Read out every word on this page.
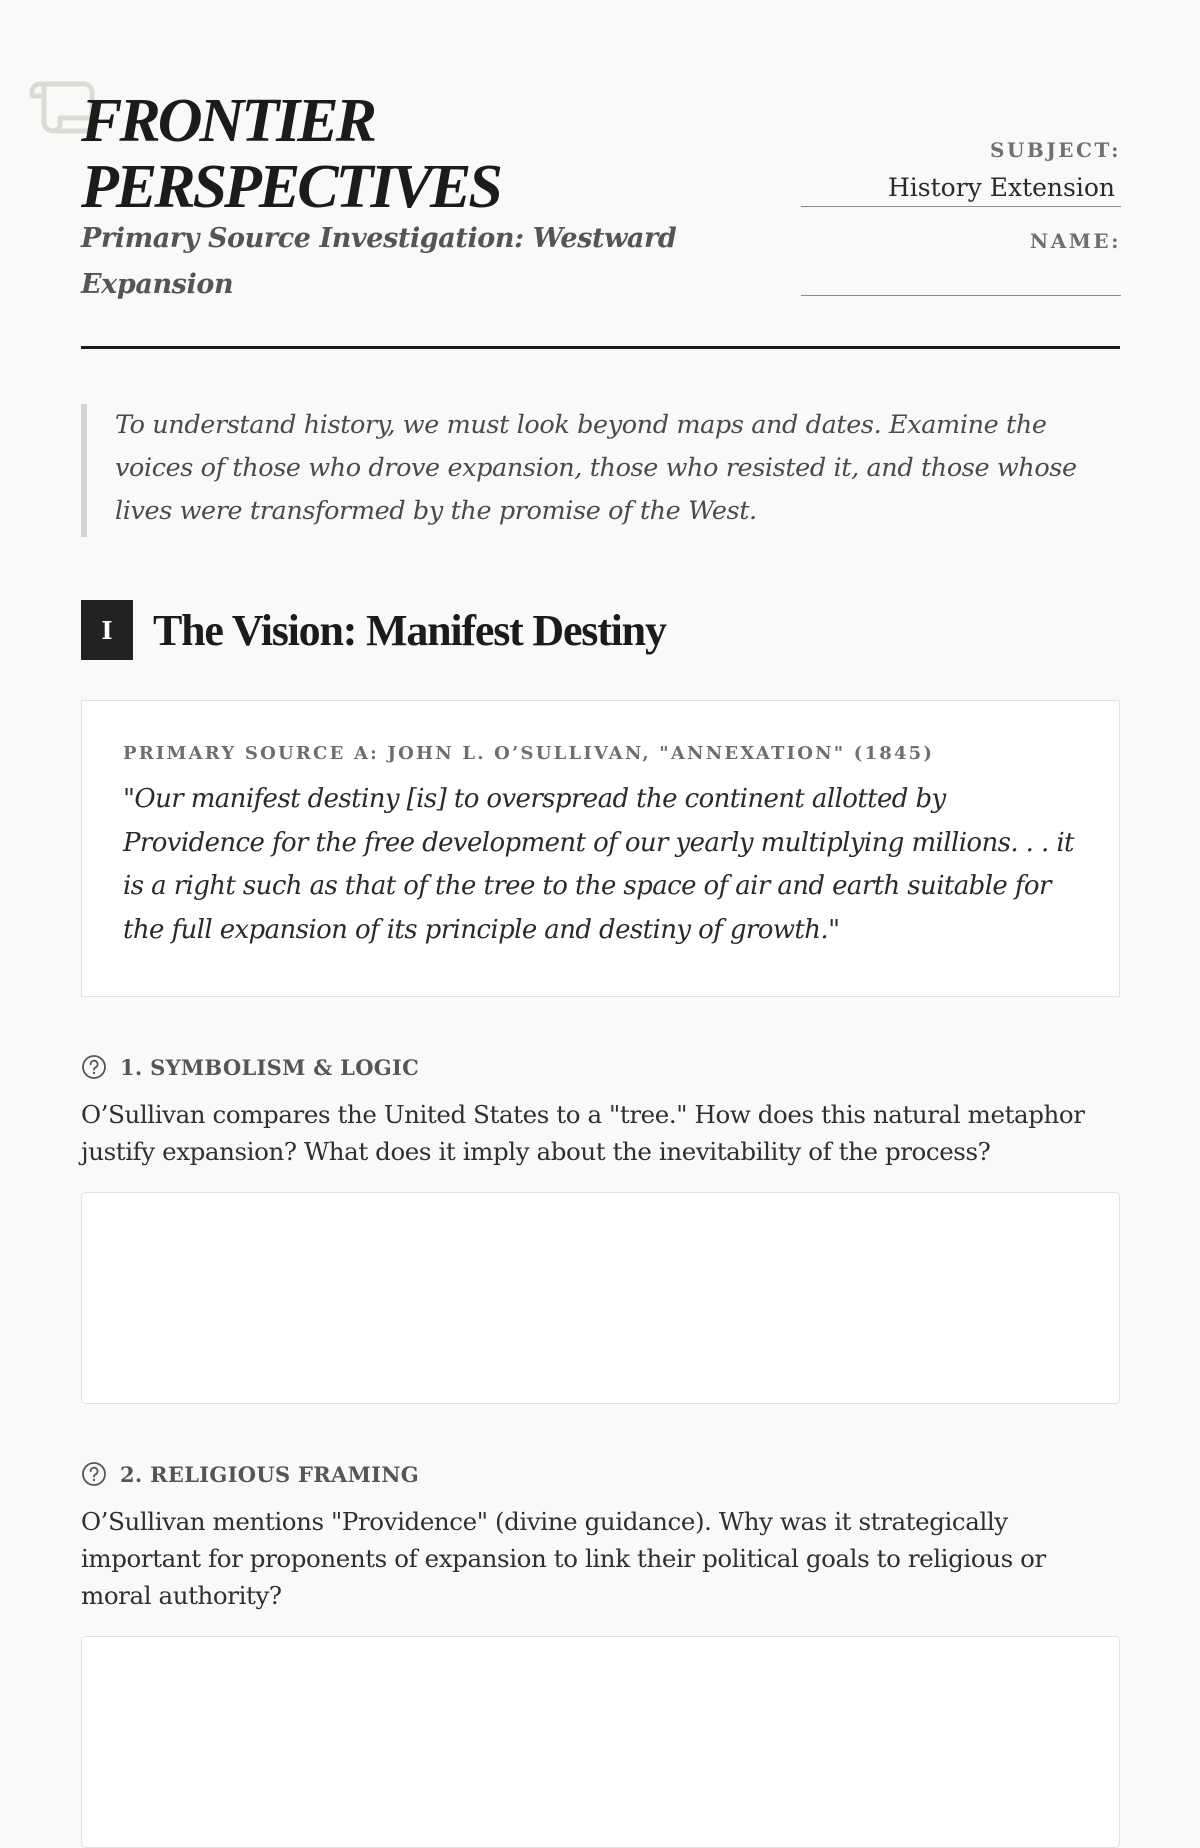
FRONTIER
PERSPECTIVES

Primary Source Investigation: Westward Expansion

SUBJECT:
History Extension
NAME:

To understand history, we must look beyond maps and dates. Examine the voices of those who drove expansion, those who resisted it, and those whose lives were transformed by the promise of the West.

I The Vision: Manifest Destiny

PRIMARY SOURCE A: JOHN L. O’SULLIVAN, "ANNEXATION" (1845)

"Our manifest destiny [is] to overspread the continent allotted by Providence for the free development of our yearly multiplying millions. . . it is a right such as that of the tree to the space of air and earth suitable for the full expansion of its principle and destiny of growth."

1. SYMBOLISM & LOGIC

O’Sullivan compares the United States to a "tree." How does this natural metaphor justify expansion? What does it imply about the inevitability of the process?

2. RELIGIOUS FRAMING

O’Sullivan mentions "Providence" (divine guidance). Why was it strategically important for proponents of expansion to link their political goals to religious or moral authority?
